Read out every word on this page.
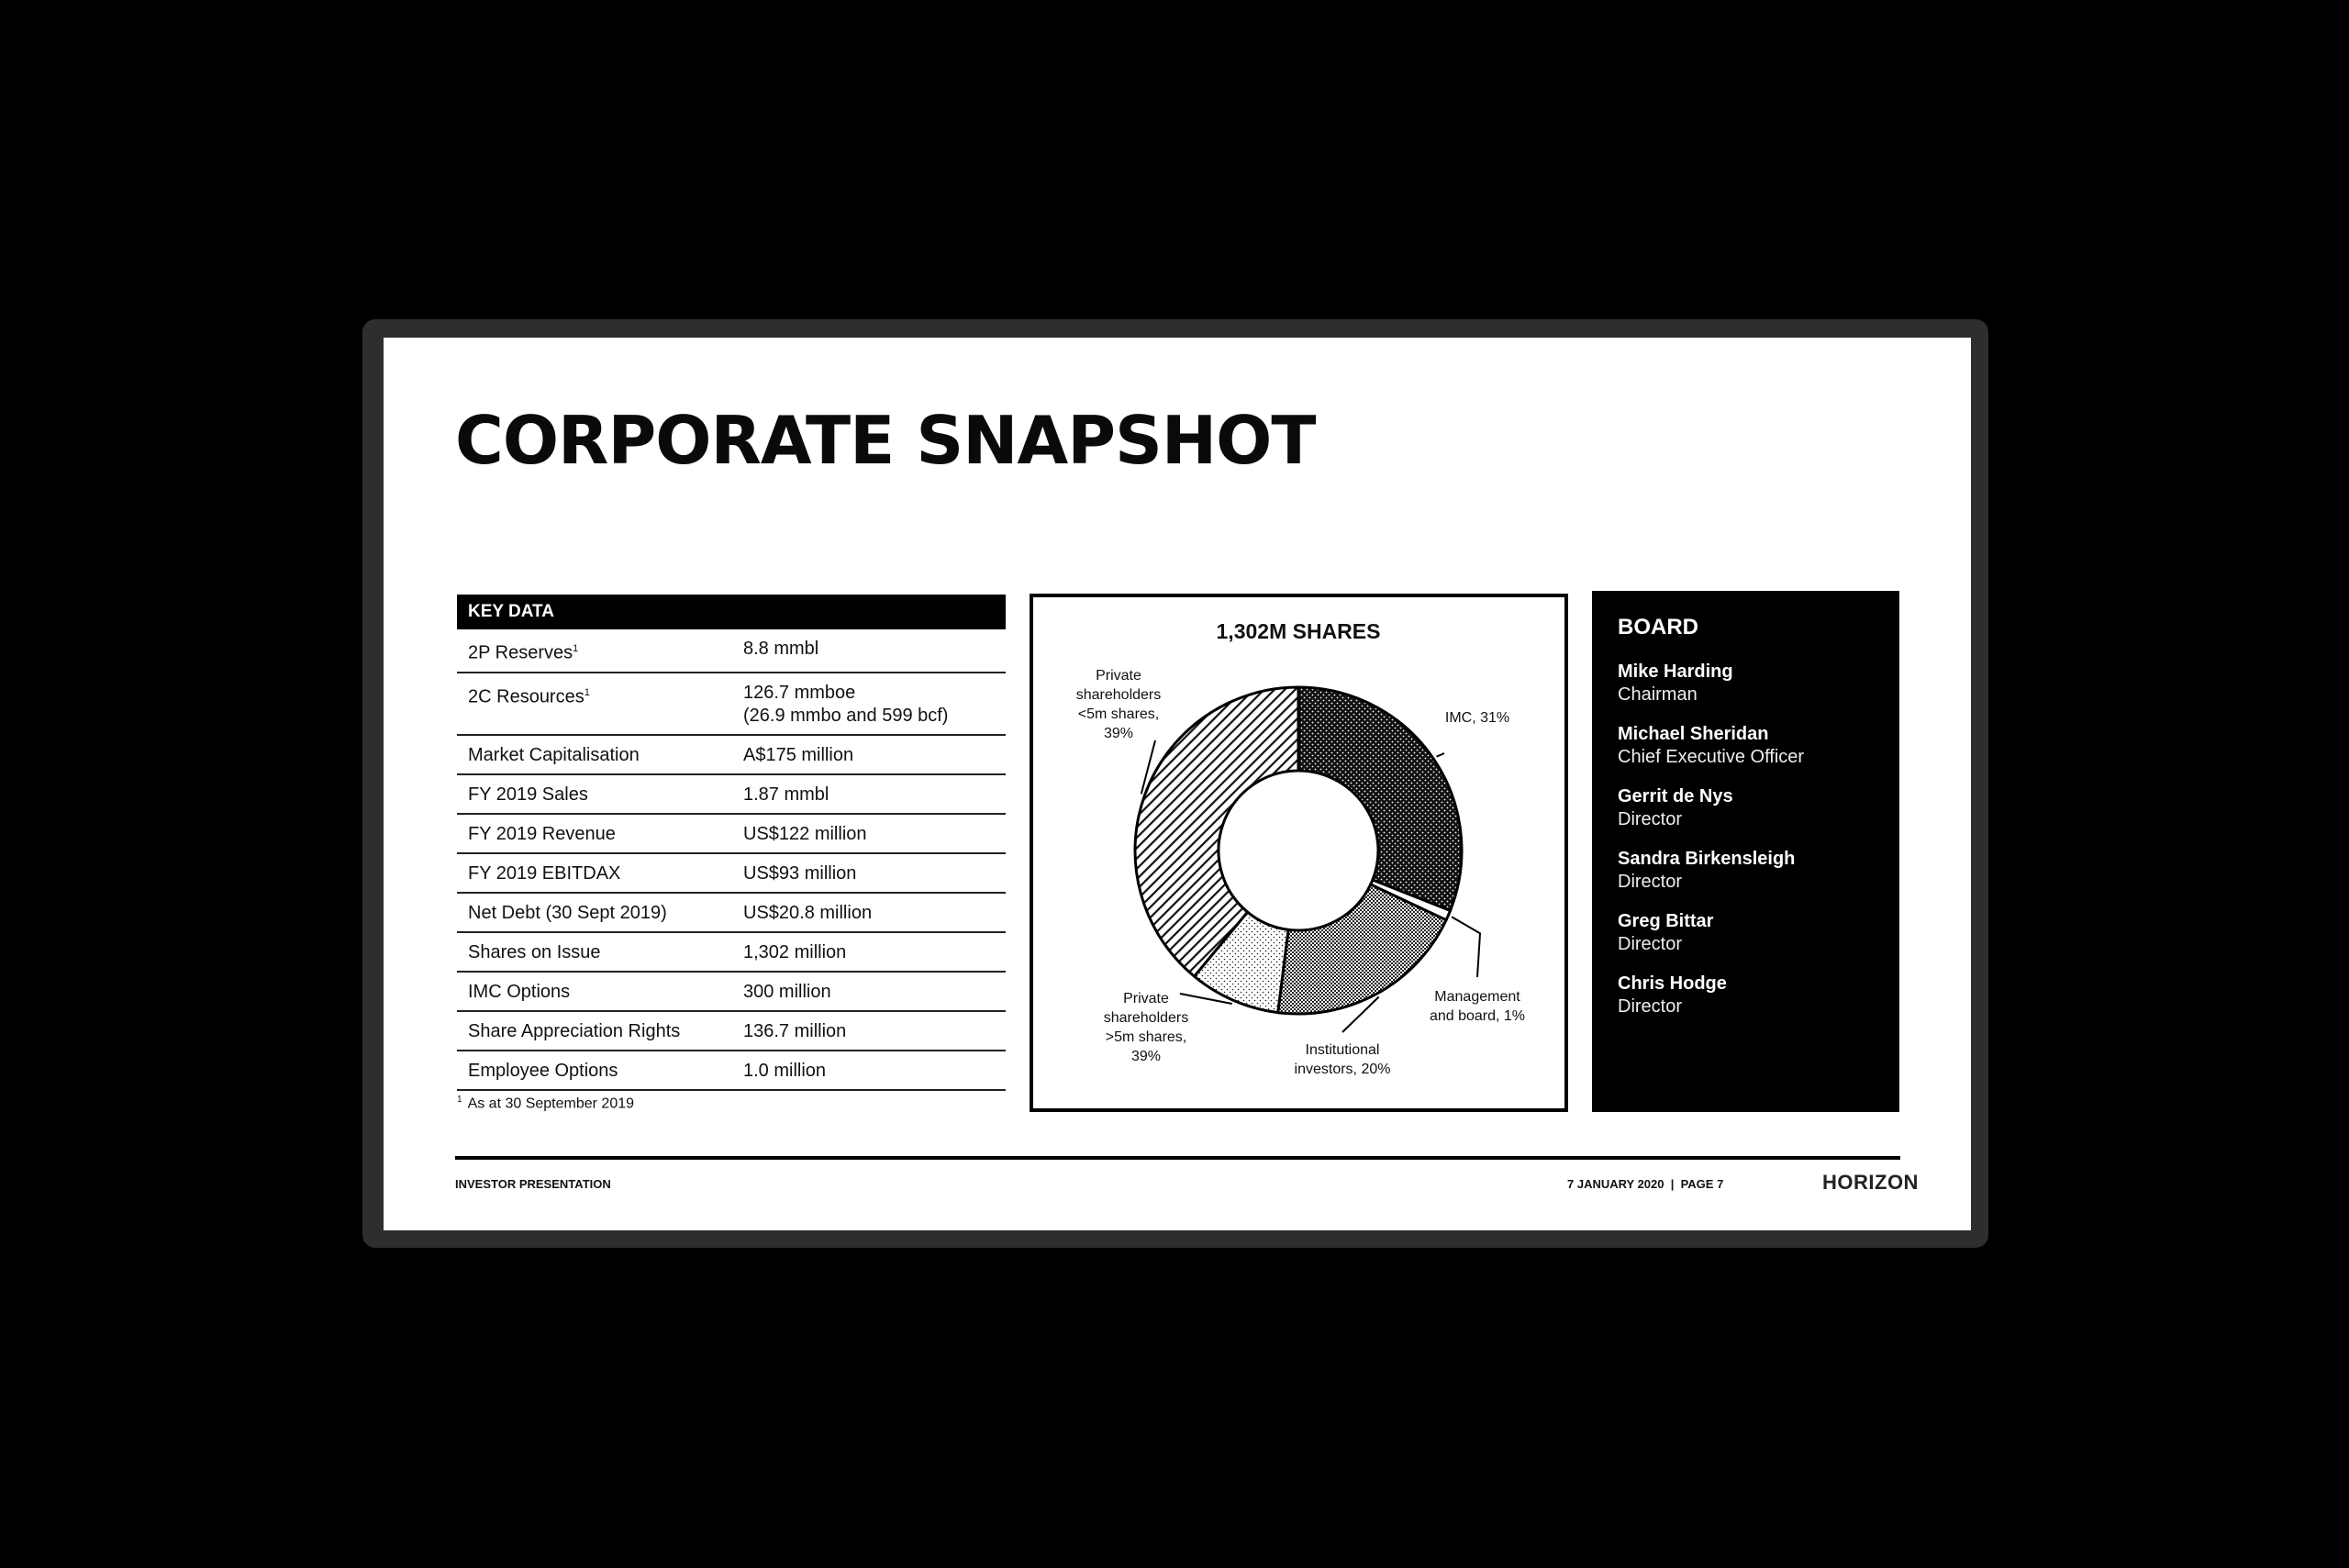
CORPORATE SNAPSHOT
KEY DATA
2P Reserves$^1$	8.8 mmbl
2C Resources$^1$	126.7 mmboe
(26.9 mmbo and 599 bcf)
Market Capitalisation	A$175 million
FY 2019 Sales	1.87 mmbl
FY 2019 Revenue	US$122 million
FY 2019 EBITDAX	US$93 million
Net Debt (30 Sept 2019)	US$20.8 million
Shares on Issue	1,302 million
IMC Options	300 million
Share Appreciation Rights	136.7 million
Employee Options	1.0 million
$^1$ As at 30 September 2019
1,302M SHARES
IMC, 31%
Management
and board, 1%
Institutional
investors, 20%
Private
shareholders
>5m shares,
39%
Private
shareholders
<5m shares,
39%
BOARD
Mike Harding
Chairman
Michael Sheridan
Chief Executive Officer
Gerrit de Nys
Director
Sandra Birkensleigh
Director
Greg Bittar
Director
Chris Hodge
Director
INVESTOR PRESENTATION	7 JANUARY 2020  |  PAGE 7	HORIZON
